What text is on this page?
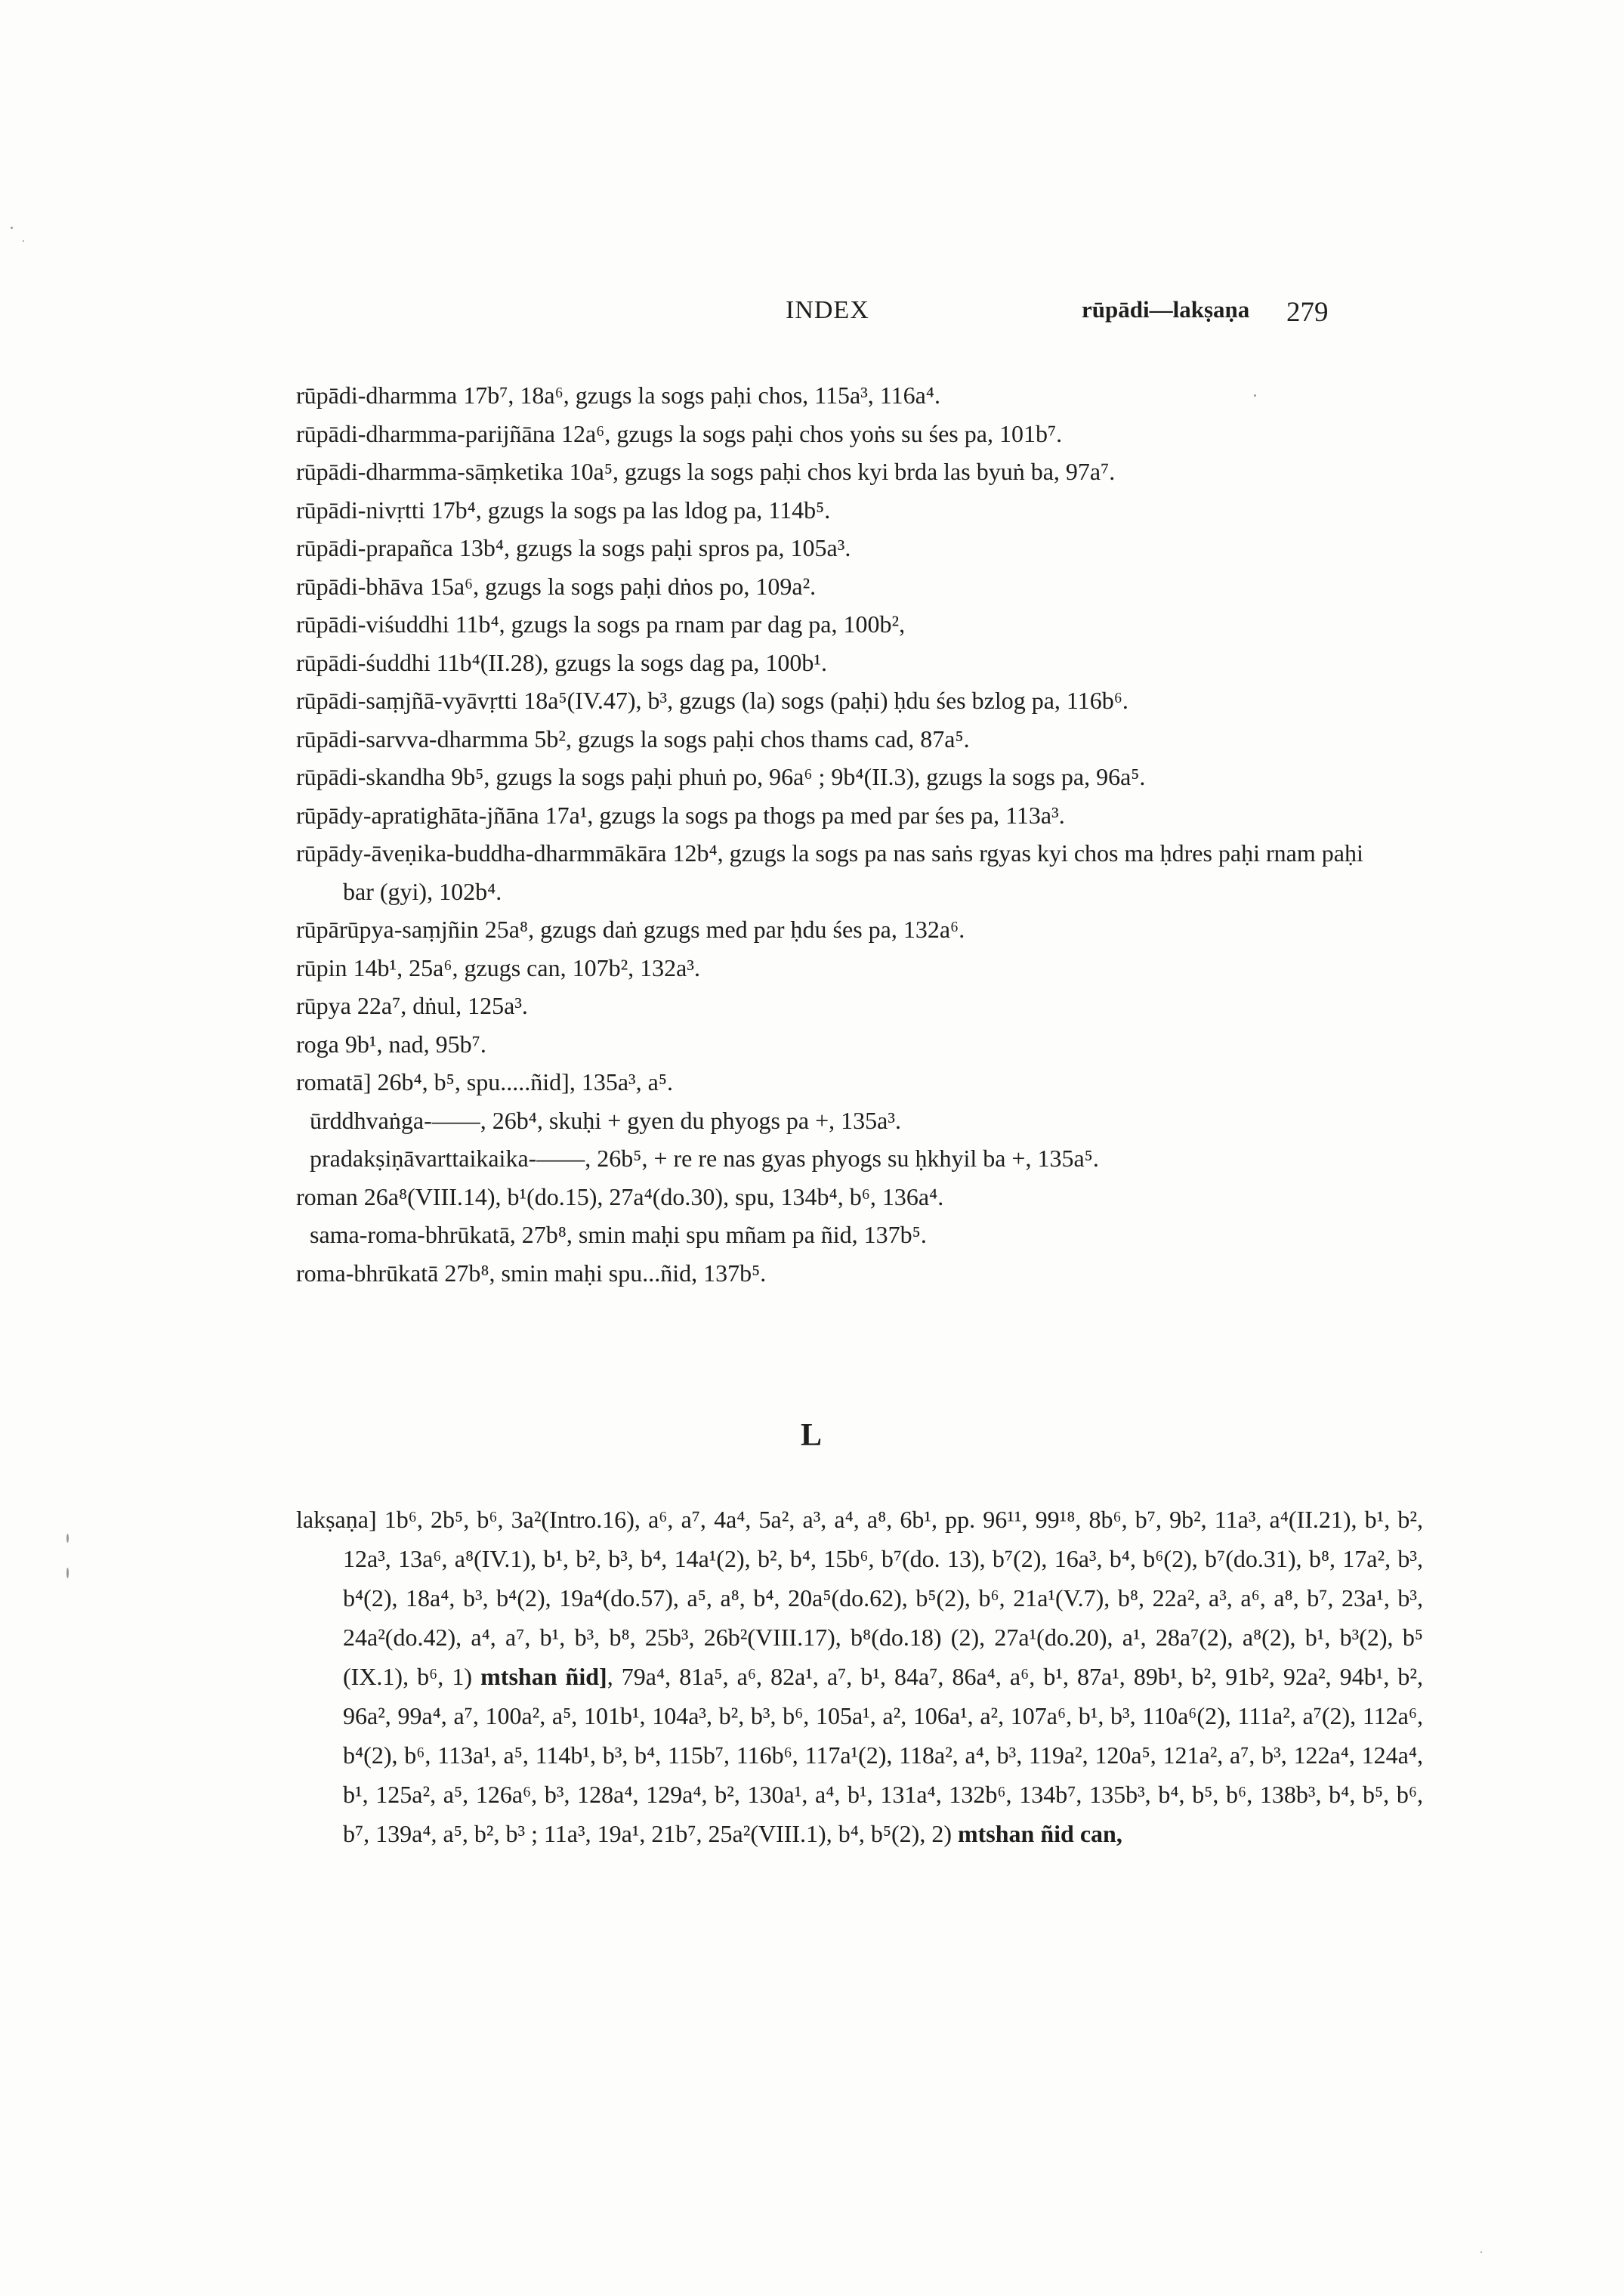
INDEX	rūpādi—lakṣaṇa 279
rūpādi-dharmma 17b⁷, 18a⁶, gzugs la sogs paḥi chos, 115a³, 116a⁴.
rūpādi-dharmma-parijñāna 12a⁶, gzugs la sogs paḥi chos yoṅs su śes pa, 101b⁷.
rūpādi-dharmma-sāṃketika 10a⁵, gzugs la sogs paḥi chos kyi brda las byuṅ ba, 97a⁷.
rūpādi-nivṛtti 17b⁴, gzugs la sogs pa las ldog pa, 114b⁵.
rūpādi-prapañca 13b⁴, gzugs la sogs paḥi spros pa, 105a³.
rūpādi-bhāva 15a⁶, gzugs la sogs paḥi dṅos po, 109a².
rūpādi-viśuddhi 11b⁴, gzugs la sogs pa rnam par dag pa, 100b²,
rūpādi-śuddhi 11b⁴(II.28), gzugs la sogs dag pa, 100b¹.
rūpādi-saṃjñā-vyāvṛtti 18a⁵(IV.47), b³, gzugs (la) sogs (paḥi) ḥdu śes bzlog pa, 116b⁶.
rūpādi-sarvva-dharmma 5b², gzugs la sogs paḥi chos thams cad, 87a⁵.
rūpādi-skandha 9b⁵, gzugs la sogs paḥi phuṅ po, 96a⁶ ; 9b⁴(II.3), gzugs la sogs pa, 96a⁵.
rūpādy-apratighāta-jñāna 17a¹, gzugs la sogs pa thogs pa med par śes pa, 113a³.
rūpādy-āveṇika-buddha-dharmmākāra 12b⁴, gzugs la sogs pa nas saṅs rgyas kyi chos ma ḥdres paḥi rnam paḥi bar (gyi), 102b⁴.
rūpārūpya-saṃjñin 25a⁸, gzugs daṅ gzugs med par ḥdu śes pa, 132a⁶.
rūpin 14b¹, 25a⁶, gzugs can, 107b², 132a³.
rūpya 22a⁷, dṅul, 125a³.
roga 9b¹, nad, 95b⁷.
romatā] 26b⁴, b⁵, spu.....ñid], 135a³, a⁵.
ūrddhvaṅga-——, 26b⁴, skuḥi + gyen du phyogs pa +, 135a³.
pradakṣiṇāvarttaikaika-——, 26b⁵, + re re nas gyas phyogs su ḥkhyil ba +, 135a⁵.
roman 26a⁸(VIII.14), b¹(do.15), 27a⁴(do.30), spu, 134b⁴, b⁶, 136a⁴.
sama-roma-bhrūkatā, 27b⁸, smin maḥi spu mñam pa ñid, 137b⁵.
roma-bhrūkatā 27b⁸, smin maḥi spu...ñid, 137b⁵.
L
lakṣaṇa] 1b⁶, 2b⁵, b⁶, 3a²(Intro.16), a⁶, a⁷, 4a⁴, 5a², a³, a⁴, a⁸, 6b¹, pp. 96¹¹, 99¹⁸, 8b⁶, b⁷, 9b², 11a³, a⁴(II.21), b¹, b², 12a³, 13a⁶, a⁸(IV.1), b¹, b², b³, b⁴, 14a¹(2), b², b⁴, 15b⁶, b⁷(do. 13), b⁷(2), 16a³, b⁴, b⁶(2), b⁷(do.31), b⁸, 17a², b³, b⁴(2), 18a⁴, b³, b⁴(2), 19a⁴(do.57), a⁵, a⁸, b⁴, 20a⁵(do.62), b⁵(2), b⁶, 21a¹(V.7), b⁸, 22a², a³, a⁶, a⁸, b⁷, 23a¹, b³, 24a²(do.42), a⁴, a⁷, b¹, b³, b⁸, 25b³, 26b²(VIII.17), b⁸(do.18) (2), 27a¹(do.20), a¹, 28a⁷(2), a⁸(2), b¹, b³(2), b⁵ (IX.1), b⁶, 1) mtshan ñid], 79a⁴, 81a⁵, a⁶, 82a¹, a⁷, b¹, 84a⁷, 86a⁴, a⁶, b¹, 87a¹, 89b¹, b², 91b², 92a², 94b¹, b², 96a², 99a⁴, a⁷, 100a², a⁵, 101b¹, 104a³, b², b³, b⁶, 105a¹, a², 106a¹, a², 107a⁶, b¹, b³, 110a⁶(2), 111a², a⁷(2), 112a⁶, b⁴(2), b⁶, 113a¹, a⁵, 114b¹, b³, b⁴, 115b⁷, 116b⁶, 117a¹(2), 118a², a⁴, b³, 119a², 120a⁵, 121a², a⁷, b³, 122a⁴, 124a⁴, b¹, 125a², a⁵, 126a⁶, b³, 128a⁴, 129a⁴, b², 130a¹, a⁴, b¹, 131a⁴, 132b⁶, 134b⁷, 135b³, b⁴, b⁵, b⁶, 138b³, b⁴, b⁵, b⁶, b⁷, 139a⁴, a⁵, b², b³ ; 11a³, 19a¹, 21b⁷, 25a²(VIII.1), b⁴, b⁵(2), 2) mtshan ñid can,
